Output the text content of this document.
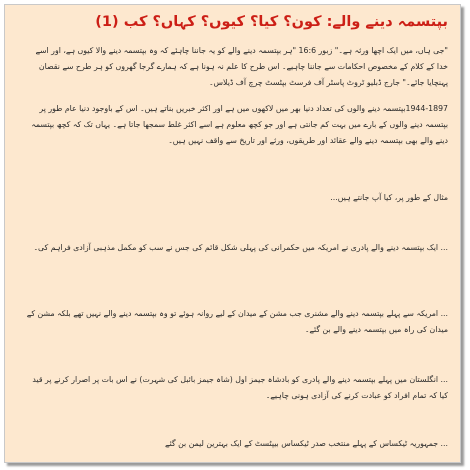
بپتسمہ دینے والے: کون؟ کیا؟ کیوں؟ کہاں؟ کب (1)
"جی ہاں، میں ایک اچھا ورثہ ہے۔" زبور 16:6 "ہر بپتسمہ دینے والے کو یہ جاننا چاہئے کہ وہ بپتسمہ دینے والا کیوں ہے، اور اسے خدا کے کلام کے مخصوص احکامات سے جاننا چاہیے۔ اس طرح کا علم نہ ہونا ہے کہ ہمارے گرجا گھروں کو ہر طرح سے نقصان پہنچایا جائے۔" جارج ڈبلیو ٹروٹ پاسٹر آف فرسٹ بپٹسٹ چرچ آف ڈیلاس۔
1944-1897بپتسمہ دینے والوں کی تعداد دنیا بھر میں لاکھوں میں ہے اور اکثر خبریں بناتے ہیں۔ اس کے باوجود دنیا عام طور پر بپتسمہ دینے والوں کے بارے میں بہت کم جانتی ہے اور جو کچھ معلوم ہے اسے اکثر غلط سمجھا جاتا ہے۔ یہاں تک کہ کچھ بپتسمہ دینے والے بھی بپتسمہ دینے والے عقائد اور طریقوں، ورثے اور تاریخ سے واقف نہیں ہیں۔
مثال کے طور پر، کیا آپ جانتے ہیں...
... ایک بپتسمہ دینے والے پادری نے امریکہ میں حکمرانی کی پہلی شکل قائم کی جس نے سب کو مکمل مذہبی آزادی فراہم کی۔
... امریکہ سے پہلے بپتسمہ دینے والے مشنری جب مشن کے میدان کے لیے روانہ ہوئے تو وہ بپتسمہ دینے والے نہیں تھے بلکہ مشن کے میدان کی راہ میں بپتسمہ دینے والے بن گئے۔
... انگلستان میں پہلے بپتسمہ دینے والے پادری کو بادشاہ جیمز اول (شاہ جیمز بائبل کی شہرت) نے اس بات پر اصرار کرنے پر قید کیا کہ تمام افراد کو عبادت کرنے کی آزادی ہونی چاہیے۔
... جمہوریہ ٹیکساس کے پہلے منتخب صدر ٹیکساس بیپٹسٹ کے ایک بہترین لیمن بن گئے
